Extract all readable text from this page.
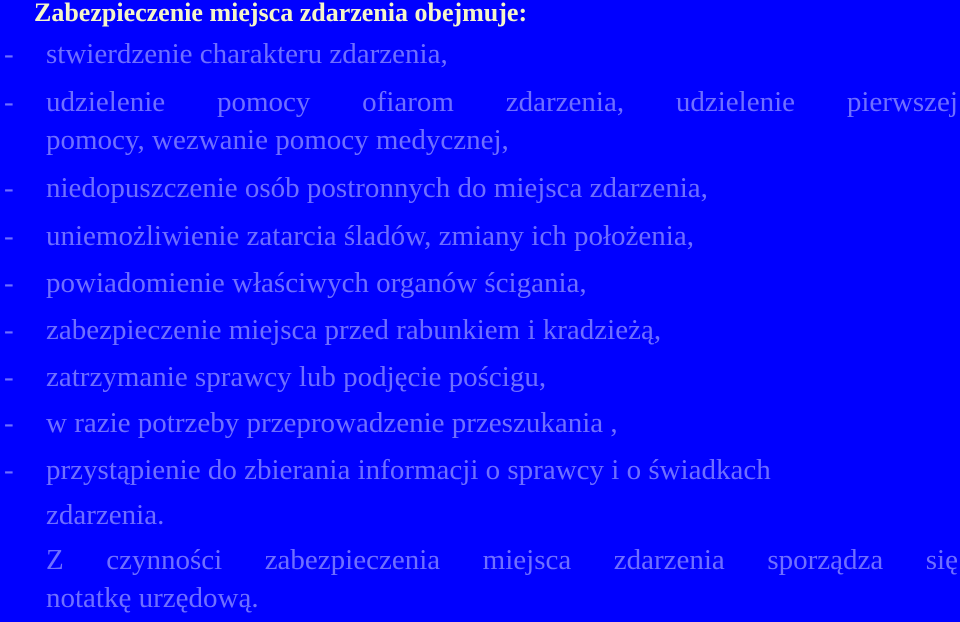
Zabezpieczenie miejsca zdarzenia obejmuje:
-	stwierdzenie charakteru zdarzenia,
-	udzielenie pomocy ofiarom zdarzenia, udzielenie pierwszej
pomocy, wezwanie pomocy medycznej,
-	niedopuszczenie osób postronnych do miejsca zdarzenia,
-	uniemożliwienie zatarcia śladów, zmiany ich położenia,
-	powiadomienie właściwych organów ścigania,
-	zabezpieczenie miejsca przed rabunkiem i kradzieżą,
-	zatrzymanie sprawcy lub podjęcie pościgu,
-	w razie potrzeby przeprowadzenie przeszukania ,
-	przystąpienie do zbierania informacji o sprawcy i o świadkach
zdarzenia.
Z czynności zabezpieczenia miejsca zdarzenia sporządza się
notatkę urzędową.
